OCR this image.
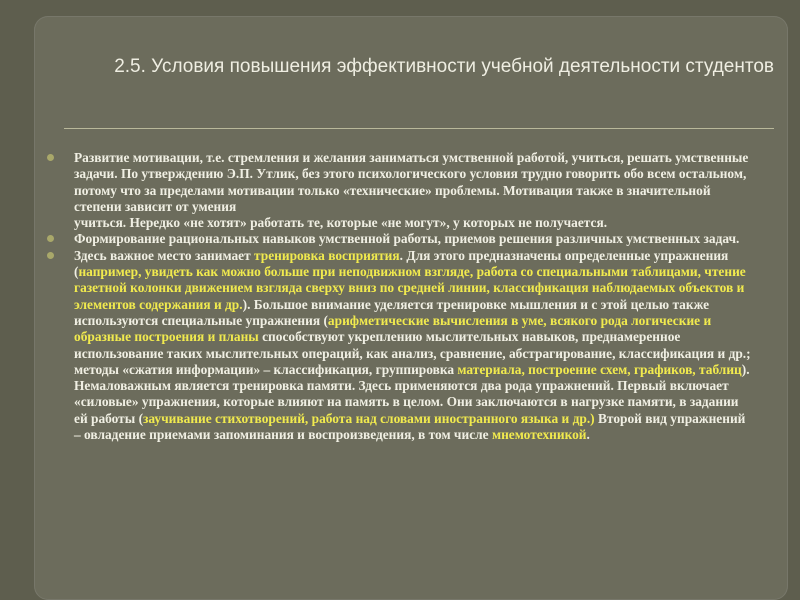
2.5. Условия повышения эффективности учебной деятельности студентов

Развитие мотивации, т.е. стремления и желания заниматься умственной работой, учиться, решать умственные задачи. По утверждению Э.П. Утлик, без этого психологического условия трудно говорить обо всем остальном, потому что за пределами мотивации только «технические» проблемы. Мотивация также в значительной степени зависит от умения

учиться. Нередко «не хотят» работать те, которые «не могут», у которых не получается.

Формирование рациональных навыков умственной работы, приемов решения различных умственных задач.

Здесь важное место занимает тренировка восприятия. Для этого предназначены определенные упражнения (например, увидеть как можно больше при неподвижном взгляде, работа со специальными таблицами, чтение газетной колонки движением взгляда сверху вниз по средней линии, классификация наблюдаемых объектов и элементов содержания и др.). Большое внимание уделяется тренировке мышления и с этой целью также используются специальные упражнения (арифметические вычисления в уме, всякого рода логические и образные построения и планы способствуют укреплению мыслительных навыков, преднамеренное использование таких мыслительных операций, как анализ, сравнение, абстрагирование, классификация и др.; методы «сжатия информации» – классификация, группировка материала, построение схем, графиков, таблиц). Немаловажным является тренировка памяти. Здесь применяются два рода упражнений. Первый включает «силовые» упражнения, которые влияют на память в целом. Они заключаются в нагрузке памяти, в задании ей работы (заучивание стихотворений, работа над словами иностранного языка и др.) Второй вид упражнений – овладение приемами запоминания и воспроизведения, в том числе мнемотехникой.
